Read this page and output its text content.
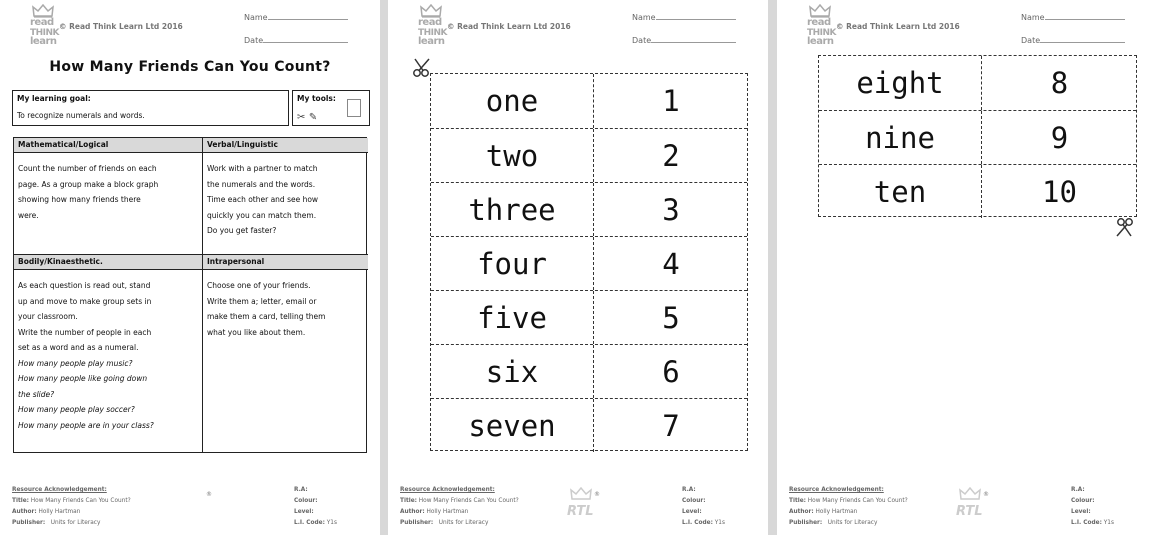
read
THINK
learn
© Read Think Learn Ltd 2016
Name
Date
How Many Friends Can You Count?
My learning goal:
To recognize numerals and words.
My tools:
✂ ✎
Mathematical/Logical	Verbal/Linguistic
Count the number of friends on each
page. As a group make a block graph
showing how many friends there
were.
Work with a partner to match
the numerals and the words.
Time each other and see how
quickly you can match them.
Do you get faster?
Bodily/Kinaesthetic.	Intrapersonal
As each question is read out, stand
up and move to make group sets in
your classroom.
Write the number of people in each
set as a word and as a numeral.
How many people play music?
How many people like going down
the slide?
How many people play soccer?
How many people are in your class?
Choose one of your friends.
Write them a; letter, email or
make them a card, telling them
what you like about them.
Resource Acknowledgement:
Title: How Many Friends Can You Count?
Author: Holly Hartman
Publisher: Units for Literacy
®
R.A:
Colour:
Level:
L.I. Code: Y1s
read
THINK
learn
© Read Think Learn Ltd 2016
Name
Date
one	1
two	2
three	3
four	4
five	5
six	6
seven	7
Resource Acknowledgement:
Title: How Many Friends Can You Count?
Author: Holly Hartman
Publisher: Units for Literacy
RTL
®
R.A:
Colour:
Level:
L.I. Code: Y1s
read
THINK
learn
© Read Think Learn Ltd 2016
Name
Date
eight	8
nine	9
ten	10
Resource Acknowledgement:
Title: How Many Friends Can You Count?
Author: Holly Hartman
Publisher: Units for Literacy
RTL
®
R.A:
Colour:
Level:
L.I. Code: Y1s
